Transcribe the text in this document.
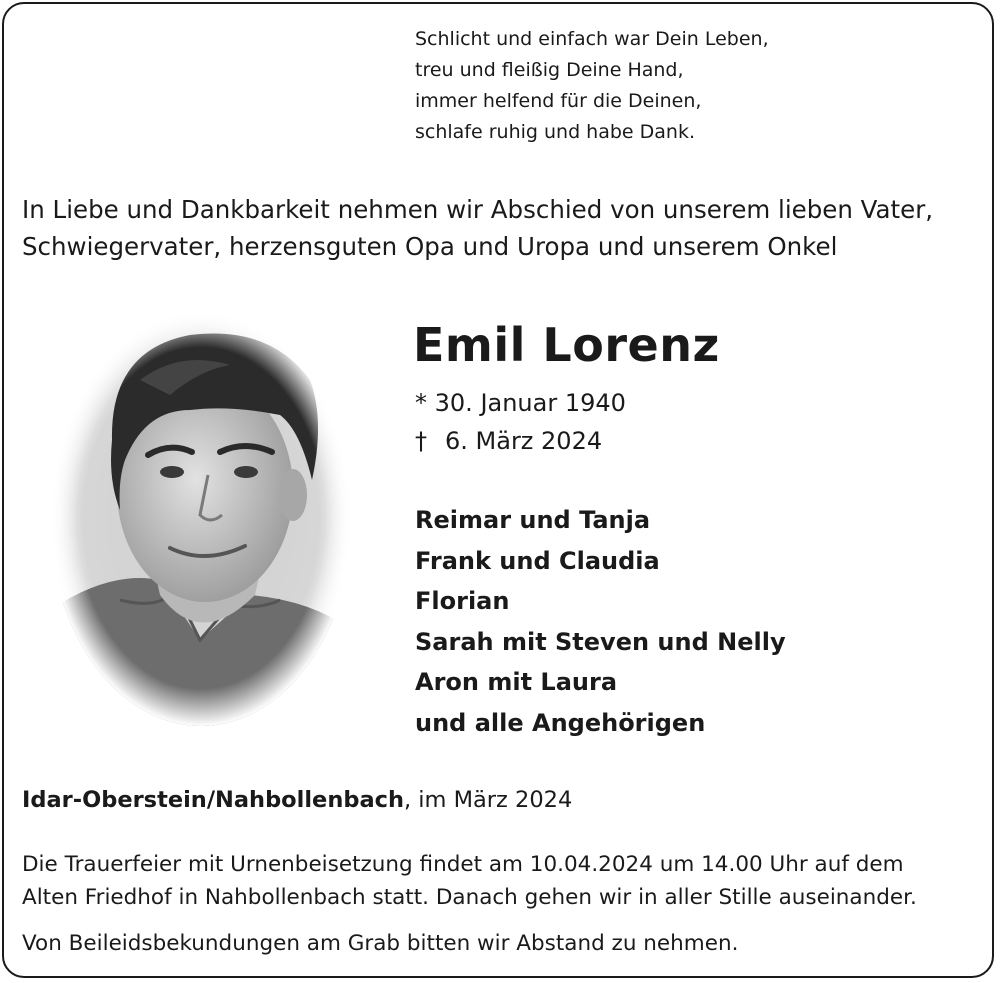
Schlicht und einfach war Dein Leben,
treu und fleißig Deine Hand,
immer helfend für die Deinen,
schlafe ruhig und habe Dank.
In Liebe und Dankbarkeit nehmen wir Abschied von unserem lieben Vater,
Schwiegervater, herzensguten Opa und Uropa und unserem Onkel
Emil Lorenz
* 30. Januar 1940
† 6. März 2024
Reimar und Tanja
Frank und Claudia
Florian
Sarah mit Steven und Nelly
Aron mit Laura
und alle Angehörigen
Idar-Oberstein/Nahbollenbach, im März 2024
Die Trauerfeier mit Urnenbeisetzung findet am 10.04.2024 um 14.00 Uhr auf dem
Alten Friedhof in Nahbollenbach statt. Danach gehen wir in aller Stille auseinander.
Von Beileidsbekundungen am Grab bitten wir Abstand zu nehmen.
